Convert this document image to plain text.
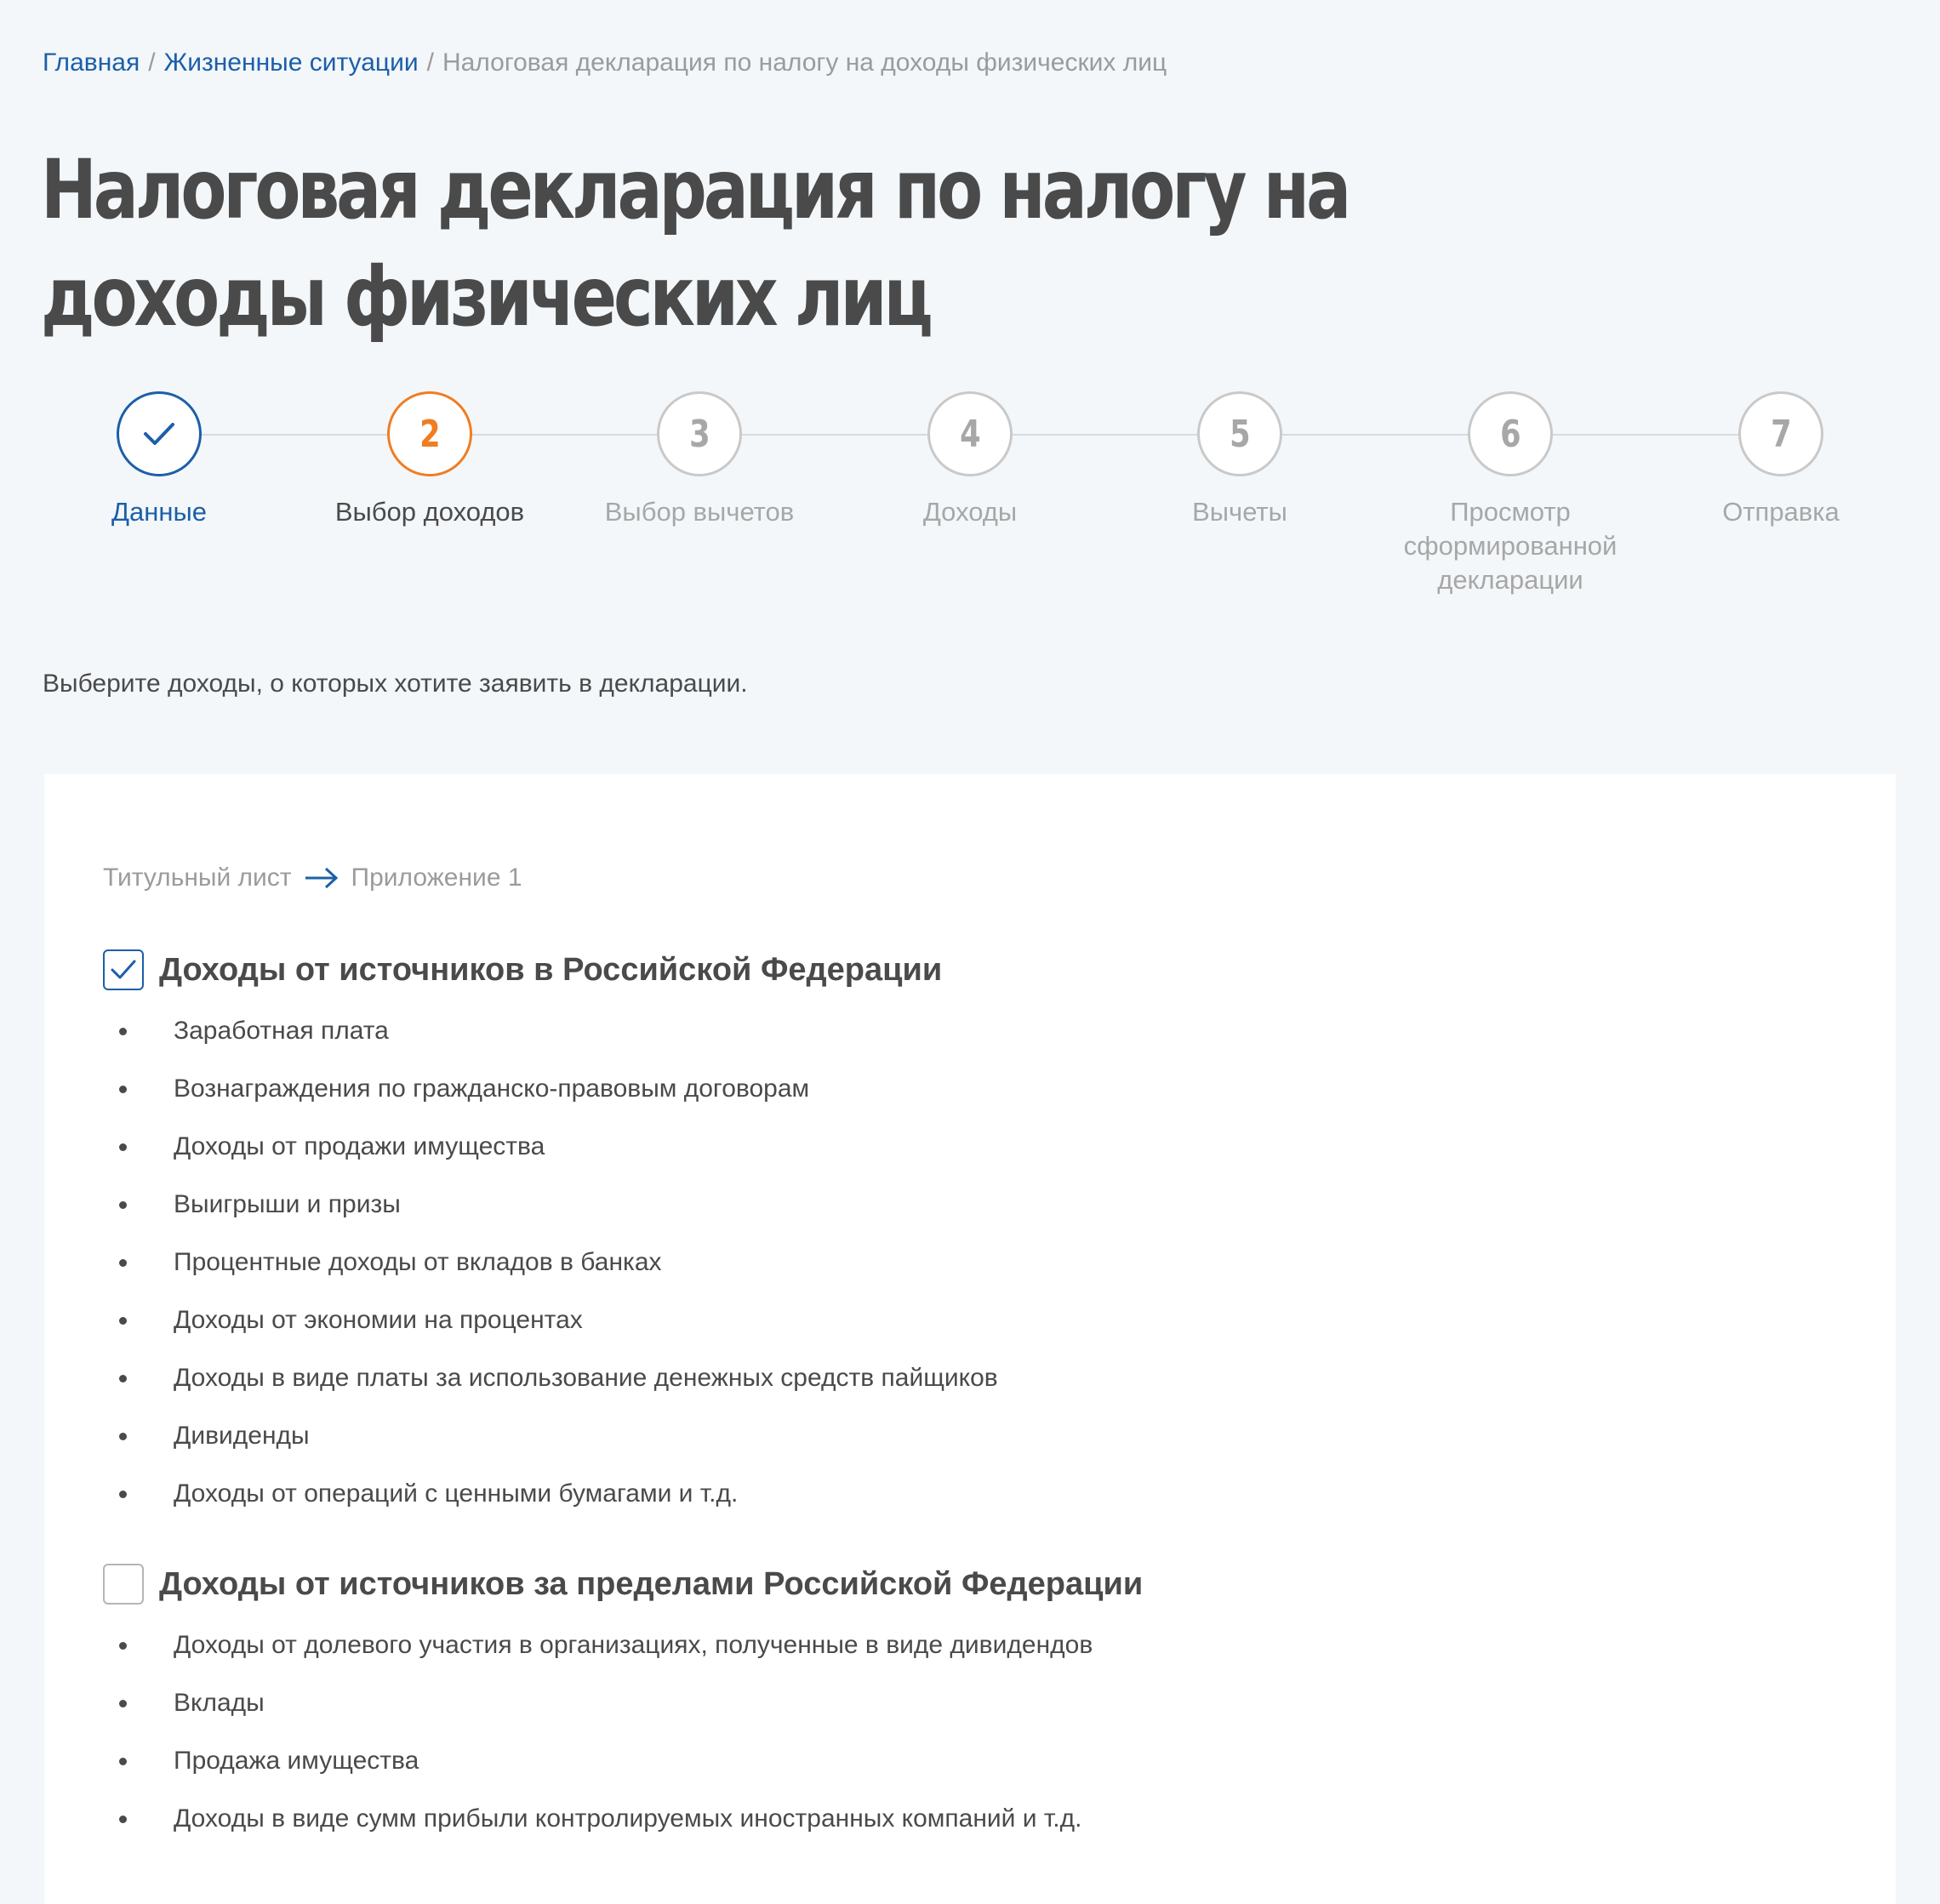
Главная / Жизненные ситуации / Налоговая декларация по налогу на доходы физических лиц
Налоговая декларация по налогу на доходы физических лиц
Данные
2
Выбор доходов
3
Выбор вычетов
4
Доходы
5
Вычеты
6
Просмотр сформированной декларации
7
Отправка

Выберите доходы, о которых хотите заявить в декларации.

Титульный лист Приложение 1
Доходы от источников в Российской Федерации
Заработная плата
Вознаграждения по гражданско-правовым договорам
Доходы от продажи имущества
Выигрыши и призы
Процентные доходы от вкладов в банках
Доходы от экономии на процентах
Доходы в виде платы за использование денежных средств пайщиков
Дивиденды
Доходы от операций с ценными бумагами и т.д.
Доходы от источников за пределами Российской Федерации
Доходы от долевого участия в организациях, полученные в виде дивидендов
Вклады
Продажа имущества
Доходы в виде сумм прибыли контролируемых иностранных компаний и т.д.
